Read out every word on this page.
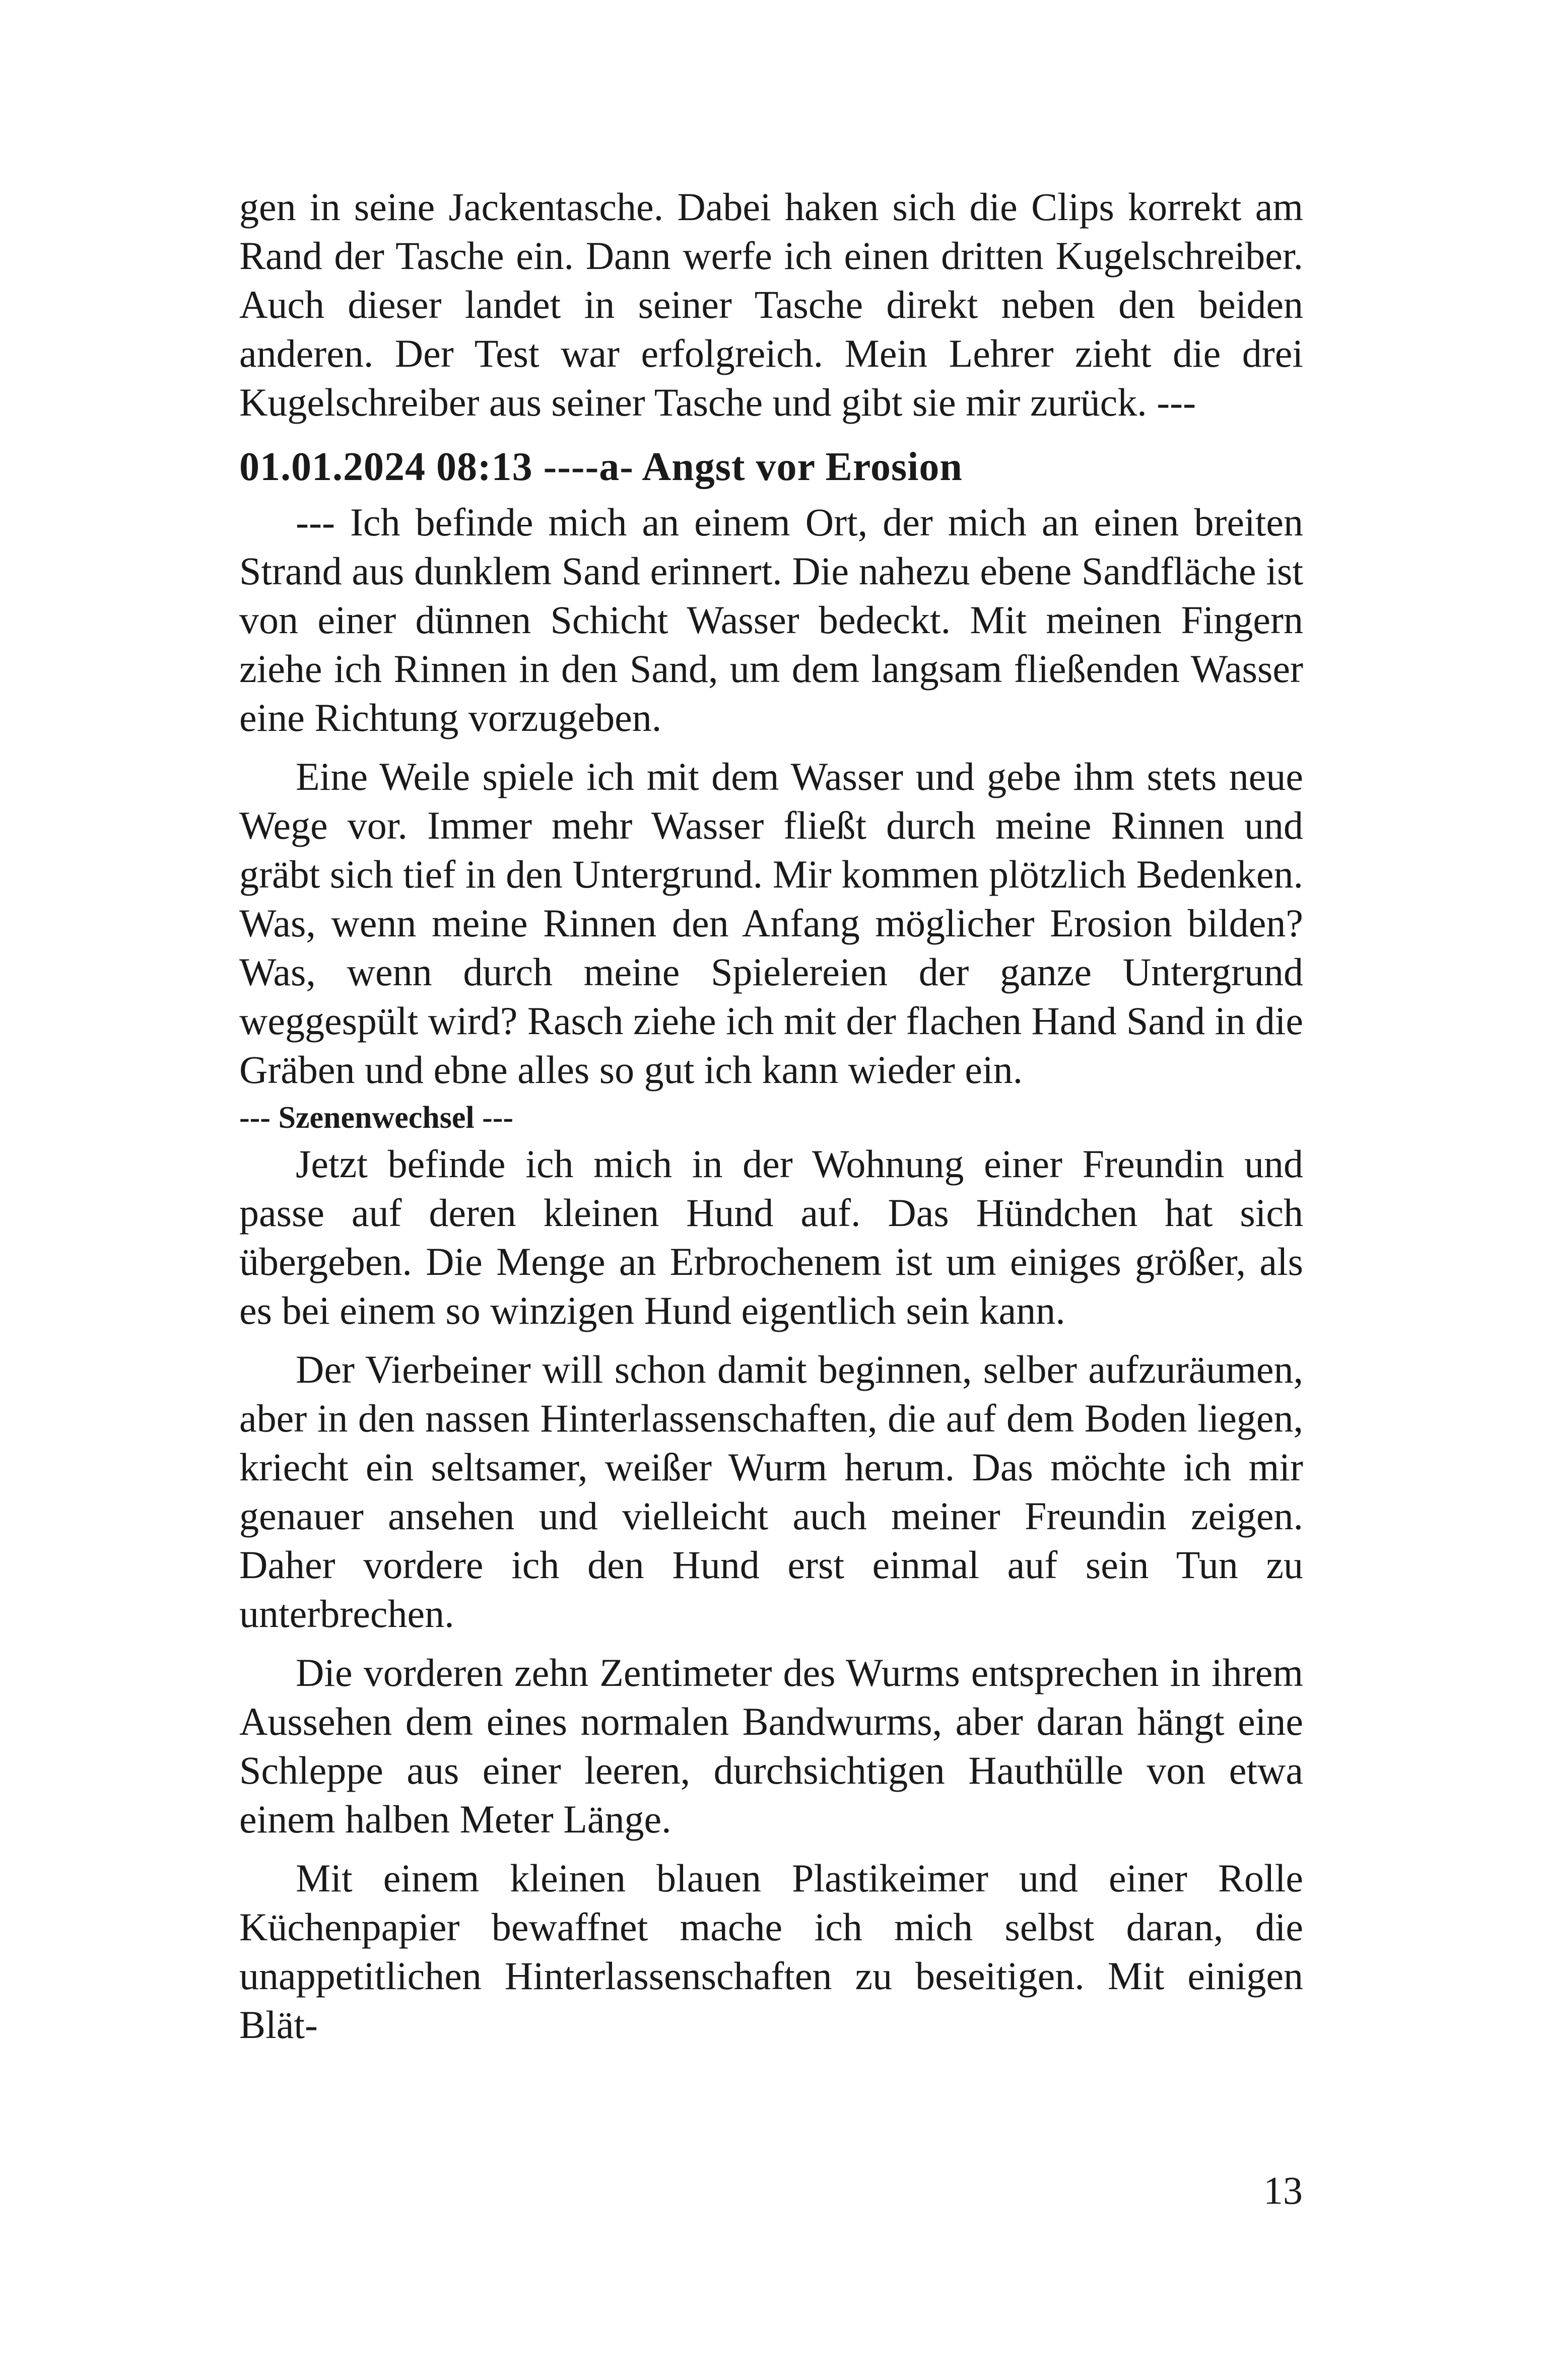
gen in seine Jackentasche. Dabei haken sich die Clips korrekt am Rand der Tasche ein. Dann werfe ich einen dritten Kugelschreiber. Auch dieser landet in seiner Tasche direkt neben den beiden anderen. Der Test war erfolgreich. Mein Lehrer zieht die drei Kugelschreiber aus seiner Tasche und gibt sie mir zurück. ---

01.01.2024 08:13 ----a- Angst vor Erosion

--- Ich befinde mich an einem Ort, der mich an einen breiten Strand aus dunklem Sand erinnert. Die nahezu ebene Sandfläche ist von einer dünnen Schicht Wasser bedeckt. Mit meinen Fingern ziehe ich Rinnen in den Sand, um dem langsam fließenden Wasser eine Richtung vorzugeben.

Eine Weile spiele ich mit dem Wasser und gebe ihm stets neue Wege vor. Immer mehr Wasser fließt durch meine Rinnen und gräbt sich tief in den Untergrund. Mir kommen plötzlich Bedenken. Was, wenn meine Rinnen den Anfang möglicher Erosion bilden? Was, wenn durch meine Spielereien der ganze Untergrund weggespült wird? Rasch ziehe ich mit der flachen Hand Sand in die Gräben und ebne alles so gut ich kann wieder ein.

--- Szenenwechsel ---

Jetzt befinde ich mich in der Wohnung einer Freundin und passe auf deren kleinen Hund auf. Das Hündchen hat sich übergeben. Die Menge an Erbrochenem ist um einiges größer, als es bei einem so winzigen Hund eigentlich sein kann.

Der Vierbeiner will schon damit beginnen, selber aufzuräumen, aber in den nassen Hinterlassenschaften, die auf dem Boden liegen, kriecht ein seltsamer, weißer Wurm herum. Das möchte ich mir genauer ansehen und vielleicht auch meiner Freundin zeigen. Daher vordere ich den Hund erst einmal auf sein Tun zu unterbrechen.

Die vorderen zehn Zentimeter des Wurms entsprechen in ihrem Aussehen dem eines normalen Bandwurms, aber daran hängt eine Schleppe aus einer leeren, durchsichtigen Hauthülle von etwa einem halben Meter Länge.

Mit einem kleinen blauen Plastikeimer und einer Rolle Küchenpapier bewaffnet mache ich mich selbst daran, die unappetitlichen Hinterlassenschaften zu beseitigen. Mit einigen Blät-

13
